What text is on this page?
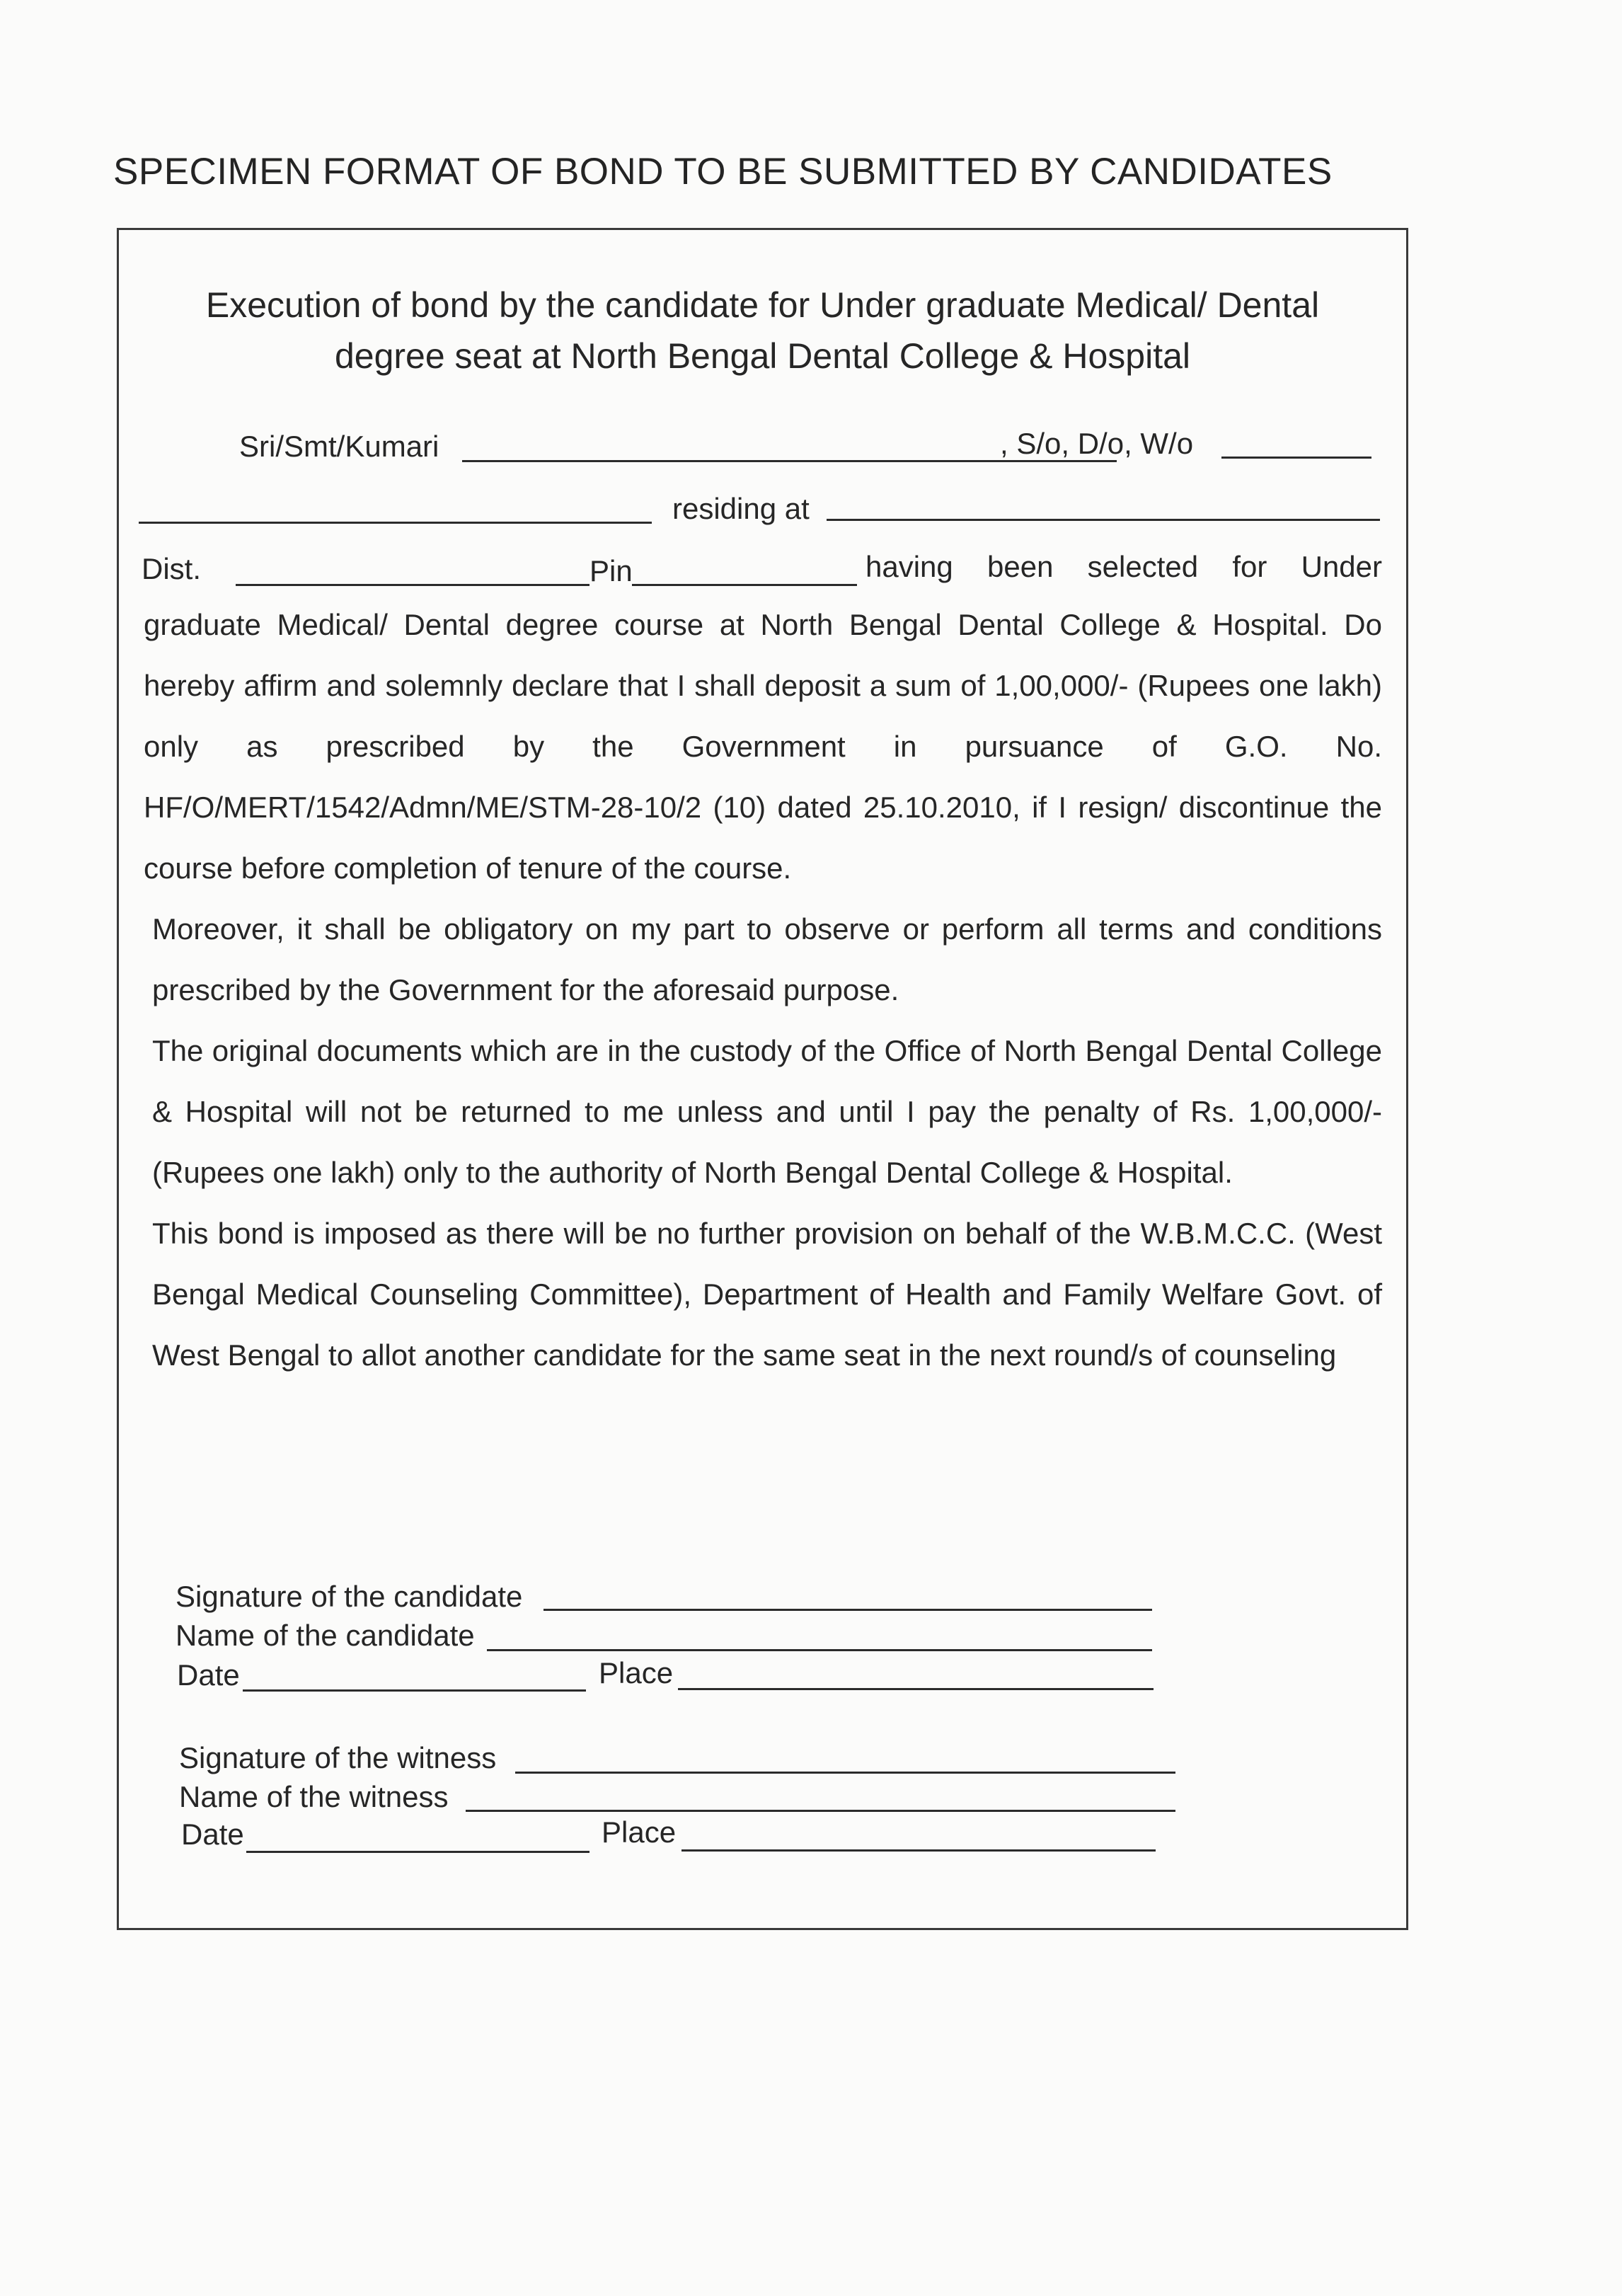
SPECIMEN FORMAT OF BOND TO BE SUBMITTED BY CANDIDATES
Execution of bond by the candidate for Under graduate Medical/ Dental
degree seat at North Bengal Dental College & Hospital
Sri/Smt/Kumari	, S/o, D/o, W/o
residing at
Dist.	Pin	having been selected for Under

graduate Medical/ Dental degree course at North Bengal Dental College & Hospital. Do hereby affirm and solemnly declare that I shall deposit a sum of 1,00,000/- (Rupees one lakh) only as prescribed by the Government in pursuance of G.O. No. HF/O/MERT/1542/Admn/ME/STM-28-10/2 (10) dated 25.10.2010, if I resign/ discontinue the course before completion of tenure of the course.

Moreover, it shall be obligatory on my part to observe or perform all terms and conditions prescribed by the Government for the aforesaid purpose.

The original documents which are in the custody of the Office of North Bengal Dental College & Hospital will not be returned to me unless and until I pay the penalty of Rs. 1,00,000/- (Rupees one lakh) only to the authority of North Bengal Dental College & Hospital.

This bond is imposed as there will be no further provision on behalf of the W.B.M.C.C. (West Bengal Medical Counseling Committee), Department of Health and Family Welfare Govt. of West Bengal to allot another candidate for the same seat in the next round/s of counseling

Signature of the candidate
Name of the candidate
Date	Place
Signature of the witness
Name of the witness
Date	Place
